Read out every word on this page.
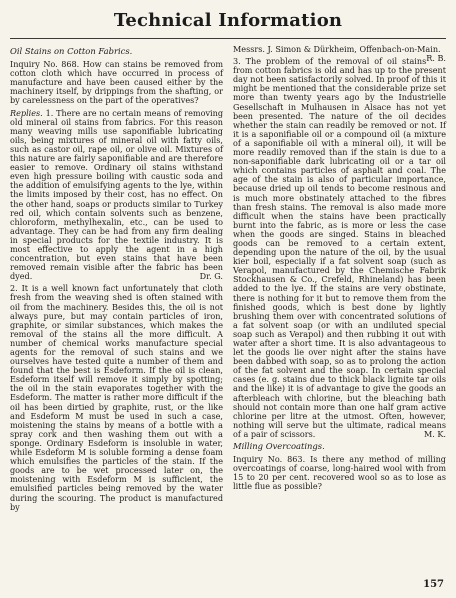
Technical Information
Oil Stains on Cotton Fabrics.

Inquiry No. 868. How can stains be removed from cotton cloth which have occurred in process of manufacture and have been caused either by the machinery itself, by drippings from the shafting, or by carelessness on the part of the operatives?

Replies. 1. There are no certain means of removing old mineral oil stains from fabrics. For this reason many weaving mills use saponifiable lubricating oils, being mixtures of mineral oil with fatty oils, such as castor oil, rape oil, or olive oil. Mixtures of this nature are fairly saponifiable and are therefore easier to remove. Ordinary oil stains withstand even high pressure boiling with caustic soda and the addition of emulsifying agents to the lye, within the limits imposed by their cost, has no effect. On the other hand, soaps or products similar to Turkey red oil, which contain solvents such as benzene, chloroform, methylhexalin, etc., can be used to advantage. They can be had from any firm dealing in special products for the textile industry. It is most effective to apply the agent in a high concentration, but even stains that have been removed remain visible after the fabric has been dyed.	Dr. G.

2. It is a well known fact unfortunately that cloth fresh from the weaving shed is often stained with oil from the machinery. Besides this, the oil is not always pure, but may contain particles of iron, graphite, or similar substances, which makes the removal of the stains all the more difficult. A number of chemical works manufacture special agents for the removal of such stains and we ourselves have tested quite a number of them and found that the best is Esdeform. If the oil is clean, Esdeform itself will remove it simply by spotting; the oil in the stain evaporates together with the Esdeform. The matter is rather more difficult if the oil has been dirtied by graphite, rust, or the like and Esdeform M must be used in such a case, moistening the stains by means of a bottle with a spray cork and then washing them out with a sponge. Ordinary Esdeform is insoluble in water, while Esdeform M is soluble forming a dense foam which emulsifies the particles of the stain. If the goods are to be wet processed later on, the moistening with Esdeform M is sufficient, the emulsified particles being removed by the water during the scouring. The product is manufactured by

Messrs. J. Simon & Dürkheim, Offenbach-on-Main.
R. B.

3. The problem of the removal of oil stains from cotton fabrics is old and has up to the present day not been satisfactorily solved. In proof of this it might be mentioned that the considerable prize set more than twenty years ago by the Industrielle Gesellschaft in Mulhausen in Alsace has not yet been presented. The nature of the oil decides whether the stain can readily be removed or not. If it is a saponifiable oil or a compound oil (a mixture of a saponifiable oil with a mineral oil), it will be more readily removed than if the stain is due to a non-saponifiable dark lubricating oil or a tar oil which contains particles of asphalt and coal. The age of the stain is also of particular importance, because dried up oil tends to become resinous and is much more obstinately attached to the fibres than fresh stains. The removal is also made more difficult when the stains have been practically burnt into the fabric, as is more or less the case when the goods are singed. Stains in bleached goods can be removed to a certain extent, depending upon the nature of the oil, by the usual kier boil, especially if a fat solvent soap (such as Verapol, manufactured by the Chemische Fabrik Stockhausen & Co., Crefeld, Rhineland) has been added to the lye. If the stains are very obstinate, there is nothing for it but to remove them from the finished goods, which is best done by lightly brushing them over with concentrated solutions of a fat solvent soap (or with an undiluted special soap such as Verapol) and then rubbing it out with water after a short time. It is also advantageous to let the goods lie over night after the stains have been dabbed with soap, so as to prolong the action of the fat solvent and the soap. In certain special cases (e. g. stains due to thick black lignite tar oils and the like) it is of advantage to give the goods an afterbleach with chlorine, but the bleaching bath should not contain more than one half gram active chlorine per litre at the utmost. Often, however, nothing will serve but the ultimate, radical means of a pair of scissors.	M. K.

Milling Overcoatings.

Inquiry No. 863. Is there any method of milling overcoatings of coarse, long-haired wool with from 15 to 20 per cent. recovered wool so as to lose as little flue as possible?

157
